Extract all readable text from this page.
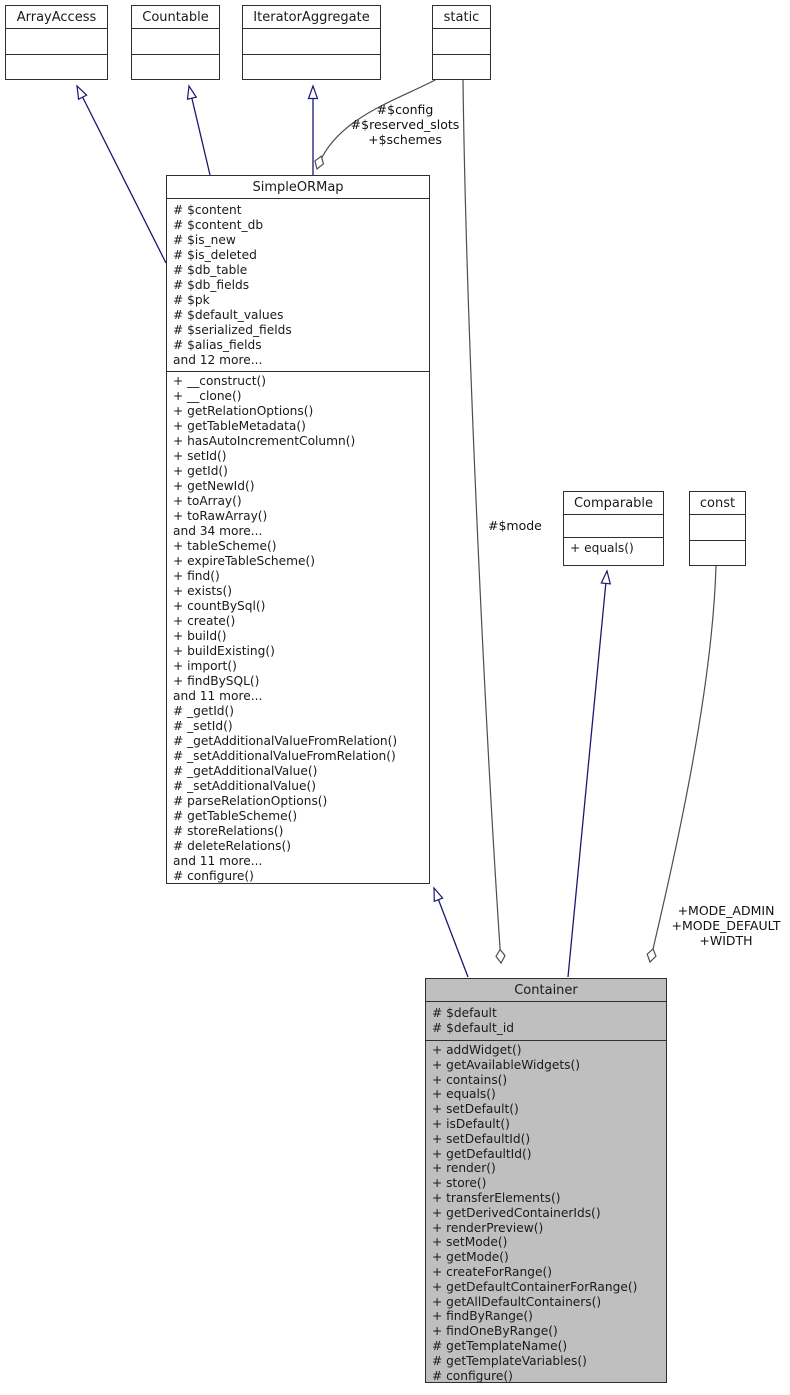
ArrayAccess	Countable	IteratorAggregate	static
SimpleORMap
# $content
# $content_db
# $is_new
# $is_deleted
# $db_table
# $db_fields
# $pk
# $default_values
# $serialized_fields
# $alias_fields
and 12 more...
+ __construct()
+ __clone()
+ getRelationOptions()
+ getTableMetadata()
+ hasAutoIncrementColumn()
+ setId()
+ getId()
+ getNewId()
+ toArray()
+ toRawArray()
and 34 more...
+ tableScheme()
+ expireTableScheme()
+ find()
+ exists()
+ countBySql()
+ create()
+ build()
+ buildExisting()
+ import()
+ findBySQL()
and 11 more...
# _getId()
# _setId()
# _getAdditionalValueFromRelation()
# _setAdditionalValueFromRelation()
# _getAdditionalValue()
# _setAdditionalValue()
# parseRelationOptions()
# getTableScheme()
# storeRelations()
# deleteRelations()
and 11 more...
# configure()
Comparable
+ equals()
const
Container
# $default
# $default_id
+ addWidget()
+ getAvailableWidgets()
+ contains()
+ equals()
+ setDefault()
+ isDefault()
+ setDefaultId()
+ getDefaultId()
+ render()
+ store()
+ transferElements()
+ getDerivedContainerIds()
+ renderPreview()
+ setMode()
+ getMode()
+ createForRange()
+ getDefaultContainerForRange()
+ getAllDefaultContainers()
+ findByRange()
+ findOneByRange()
# getTemplateName()
# getTemplateVariables()
# configure()
#$config
#$reserved_slots
+$schemes
#$mode
+MODE_ADMIN
+MODE_DEFAULT
+WIDTH
